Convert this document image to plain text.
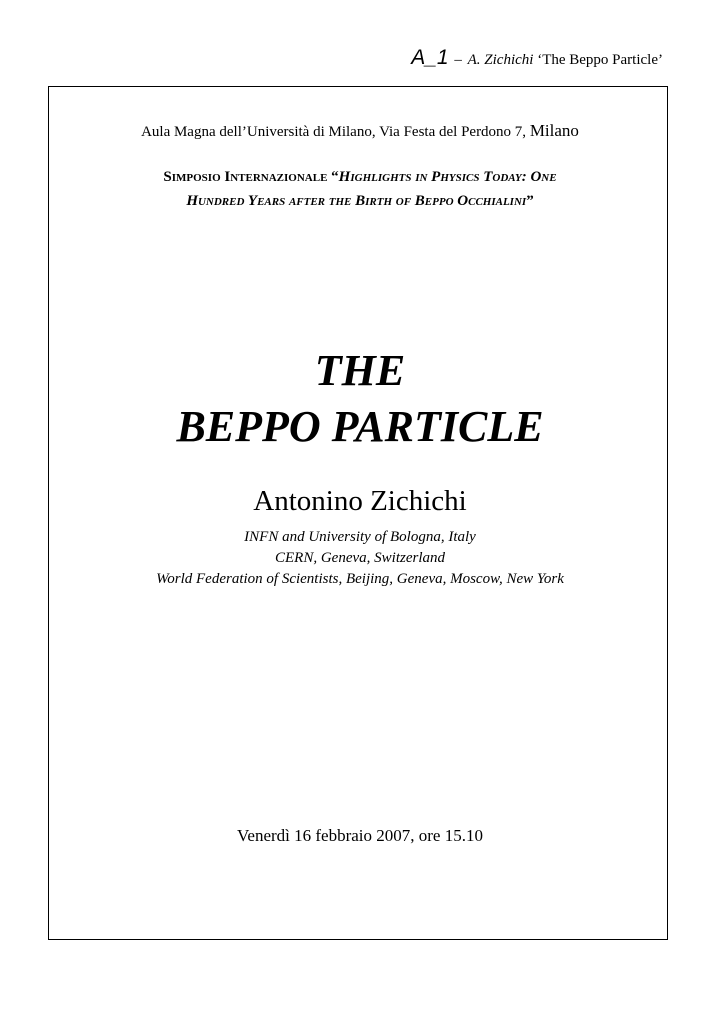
A_1 – A. Zichichi ‘The Beppo Particle’
Aula Magna dell’Università di Milano, Via Festa del Perdono 7, Milano
Simposio Internazionale “Highlights in Physics Today: One
Hundred Years after the Birth of Beppo Occhialini”
THE
BEPPO PARTICLE
Antonino Zichichi
INFN and University of Bologna, Italy
CERN, Geneva, Switzerland
World Federation of Scientists, Beijing, Geneva, Moscow, New York
Venerdì 16 febbraio 2007, ore 15.10
